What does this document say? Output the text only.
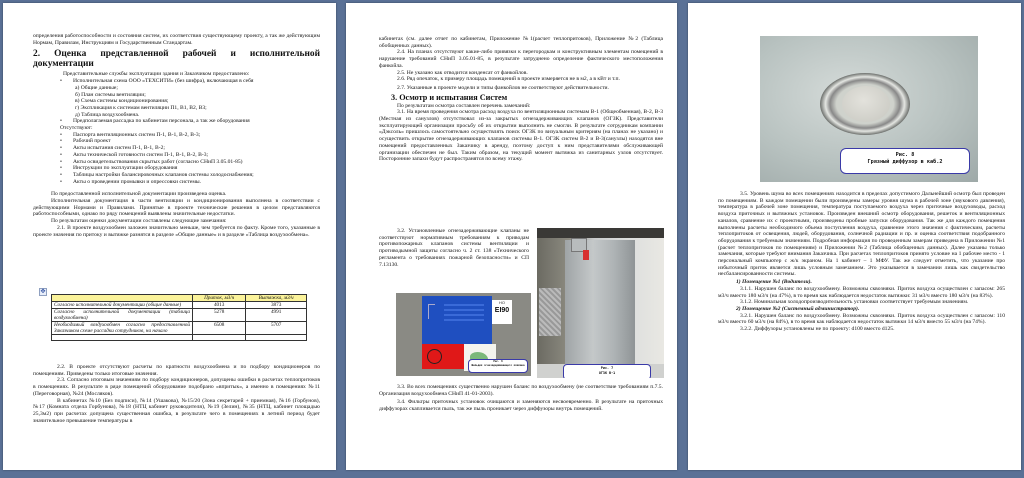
определения работоспособности и состояния систем, их соответствия существующему проекту, а так же действующим Нормам, Правилам, Инструкциям и Государственным Стандартам.

2. Оценка представленной рабочей и исполнительной документации

Представительные службы эксплуатации здания и Заказчиком предоставлено:

• Исполнительная схема ООО «ТЕХСИТИ» (без шифра), включающая в себя

а) Общие данные;

б) План системы вентиляции;

в) Схема системы кондиционирования;

г) Экспликация к системам вентиляции П1, В1, В2, В3;

д) Таблица воздухообмена.

• Предполагаемая рассадка по кабинетам персонала, а так же оборудования

Отсутствуют:

• Паспорта вентиляционных систем П-1, В-1, В-2, В-3;
• Рабочий проект
• Акты испытания систем П-1, В-1, В-2;
• Акты технической готовности систем П-1, В-1, В-2, В-3;
• Акты освидетельствования скрытых работ (согласно СНиП 3.05.01-85)
• Инструкции по эксплуатации оборудования
• Таблицы настройки балансировочных клапанов системы холодоснабжения;
• Акты о проведении промывки и опрессовки системы.

По предоставленной исполнительной документации произведена оценка.

Исполнительная документация в части вентиляции и кондиционирования выполнена в соответствии с действующими Нормами и Правилами. Принятые в проекте технические решения в целом представляются работоспособными, однако по ряду помещений выявлены значительные недостатки.

По результатам оценки документации составлены следующие замечания:

2.1. В проекте воздухообмен заложен значительно меньше, чем требуется по факту. Кроме того, указанные в проекте значения по притоку и вытяжке разнятся в разделе «Общие данные» и в разделе «Таблица воздухообмена».

✥
	Приток, м3/ч	Вытяжка, м3/ч
Согласно исполнительной документации (общие данные)	4013	3873
Согласно исполнительной документации (таблица воздухообмена)	5278	4991
Необходимый воздухообмен согласно предоставленной Заказчиком схеме рассадки сотрудников, на начало	6508	5707

2.2. В проекте отсутствуют расчеты по кратности воздухообмена и по подбору кондиционеров по помещениям. Приведены только итоговые значения.

2.3. Согласно итоговым значениям по подбору кондиционеров, допущены ошибки в расчетах теплопритоков в помещениях. В результате в ряде помещений оборудование подобрано «впритык», а именно в помещениях №11 (Переговорная), №24 (Мосляков).

В кабинетах №10 (Без подписи), №14 (Ушакова), №15/20 (Зона секретарей + приемная), №16 (Горбунов), №17 (Комната отдела Горбунова), №18 (НТЦ кабинет руководителя), №19 (Зелин), №35 (НТЦ, кабинет площадью 25,3м2) при расчетах допущена существенная ошибка, в результате чего в помещениях в летний период будет значительное превышение температуры в

кабинетах (см. далее отчет по кабинетам, Приложение №1(расчет теплопритоков), Приложение №2 (Таблица обобщенных данных).

2.4. На планах отсутствуют какие-либо привязки к перегородкам и конструктивным элементам помещений в нарушение требований СНиП 3.05.01-85, в результате затруднено определение фактического местоположения фанкойла.

2.5. Не указано как отводится конденсат от фанкойлов.

2.6. Ряд опечаток, к примеру площадь помещений в проекте измеряется не в м2, а в кВт и т.п.

2.7. Указанные в проекте модели и типы фанкойлов не соответствуют действительности.

3. Осмотр и испытания Систем

По результатам осмотра составлен перечень замечаний:

3.1. На время проведения осмотра расход воздуха по вентиляционным системам В-1 (Общеобменная), В-2, В-3 (Местная из санузлов) отсутствовал из-за закрытых огнезадерживающих клапанов (ОГЗК). Представители эксплуатирующей организации просьбу об их открытии выполнить не смогли. В результате сотрудникам компании «Дэксоль» пришлось самостоятельно осуществлять поиск ОГЗК по визуальным критериям (на планах не указано) и осуществить открытие огнезадерживающих клапанов системы В-1. ОГЗК систем В-2 и В-3(санузлы) находятся вне помещений предоставленных Заказчику в аренду, поэтому доступ к ним представителями обслуживающей организации обеспечен не был. Таким образом, на текущий момент вытяжка из санитарных узлов отсутствует. Посторонние запахи будут распространятся по всему этажу.

3.2. Установленные огнезадерживающие клапаны не соответствуют нормативным требованиям к приводам противопожарных клапанов системы вентиляции и противодымной защиты согласно ч. 2 ст. 138 «Технического регламента о требованиях пожарной безопасности» и СП 7.13130.

НО
EI90
Рис. 6
Шильдик огнезадерживающего клапана
Рис. 7
ОГЗК В-1

3.3. Во всех помещениях существенно нарушен баланс по воздухообмену (не соответствие требованиям п.7.5. Организация воздухообмена СНиП 41-01-2003).

3.4. Фильтры приточных установок очищаются и заменяются несвоевременно. В результате на приточных диффузорах скапливается пыль, так же пыль проникает через диффузоры внутрь помещений.

Рис. 8
Грязный диффузор в каб.2

3.5. Уровень шума во всех помещениях находится в пределах допустимого Дальнейший осмотр был проведен по помещениям. В каждом помещении были произведены замеры уровня шума в рабочей зоне (звукового давления), температура в рабочей зоне помещения, температура поступаемого воздуха через приточные воздуховоды, расход воздуха приточных и вытяжных установок. Произведен внешний осмотр оборудования, решеток и вентиляционных каналов, сравнение их с проектными, произведены пробные запуски оборудования. Так же для каждого помещения выполнены расчеты необходимого объема поступления воздуха, сравнение этого значения с фактическим, расчеты теплопритоков от освещения, людей, оборудования, солнечной радиации и пр. и оценка соответствия подобранного оборудования к требуемым значениям. Подробная информация по проведенным замерам приведена в Приложении №1 (расчет теплопритоков по помещениям) и Приложении №2 (Таблица обобщенных данных). Далее указаны только замечания, которые требуют внимания Заказчика. При расчетах теплопритоков принято условие на 1 рабочее место - 1 персональный компьютер с ж/к экраном. На 1 кабинет – 1 МФУ. Так же следует отметить, что указание про избыточный приток является лишь условным замечанием. Это указывается в замечании лишь как свидетельство несбалансированности системы.

1) Помещение №1 (Водители).

3.1.1. Нарушен баланс по воздухообмену. Возможны сквозняки. Приток воздуха осуществлен с запасом: 265 м3/ч вместо 180 м3/ч (на 47%), в то время как наблюдается недостаток вытяжки: 31 м3/ч вместо 180 м3/ч (на 83%).

3.1.2. Номинальная холодопроизводительность установки соответствует требуемым значениям.

2) Помещение №2 (Системный администратор).

3.2.1. Нарушен баланс по воздухообмену. Возможны сквозняки. Приток воздуха осуществлен с запасом: 110 м3/ч вместо 60 м3/ч (на 84%), в то время как наблюдается недостаток вытяжки 14 м3/ч вместо 55 м3/ч (на 74%).

3.2.2. Диффузоры установлены не по проекту: d100 вместо d125.
